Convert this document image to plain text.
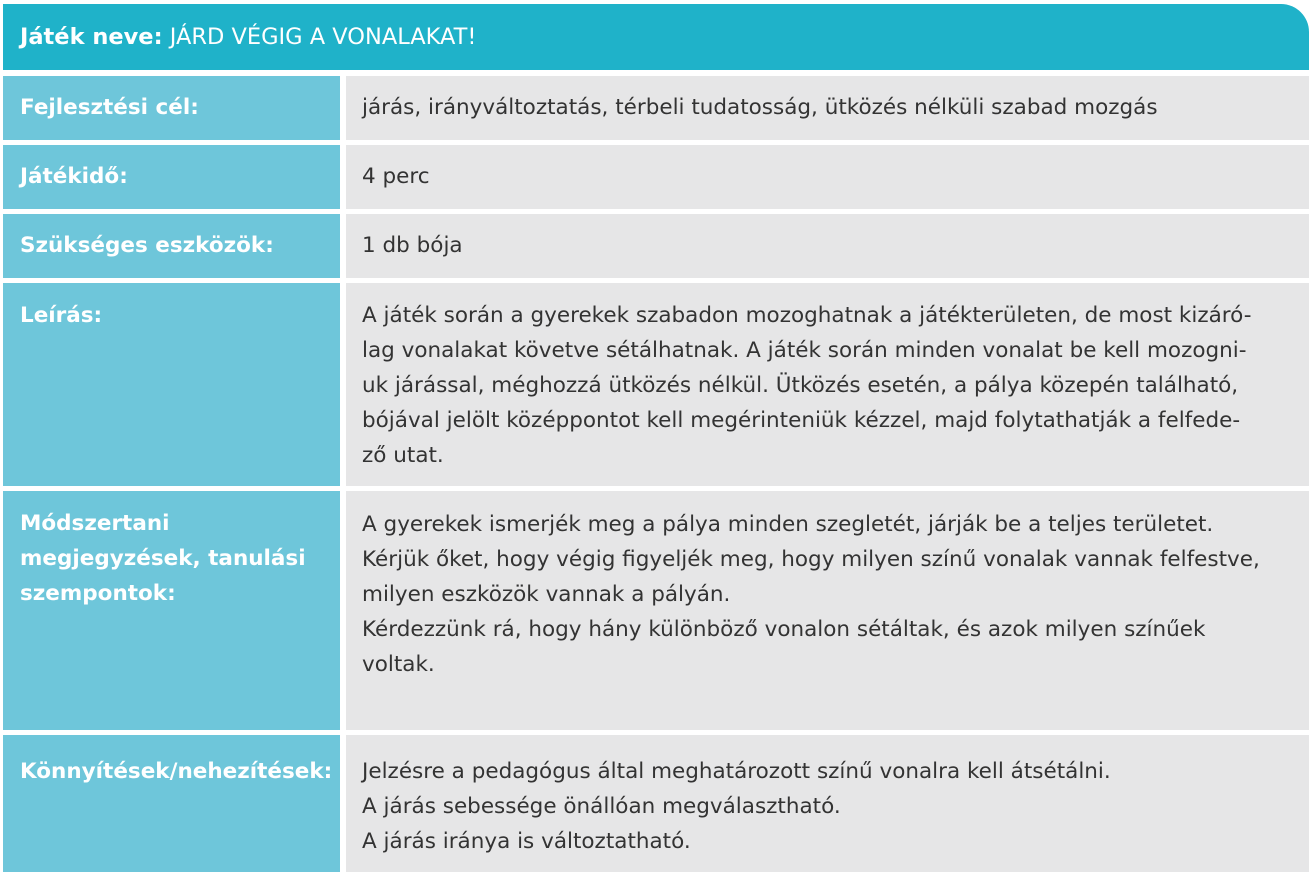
Játék neve: JÁRD VÉGIG A VONALAKAT!
Fejlesztési cél:	járás, irányváltoztatás, térbeli tudatosság, ütközés nélküli szabad mozgás

Játékidő:	4 perc

Szükséges eszközök:	1 db bója

Leírás:	A játék során a gyerekek szabadon mozoghatnak a játékterületen, de most kizáró-

lag vonalakat követve sétálhatnak. A játék során minden vonalat be kell mozogni-

uk járással, méghozzá ütközés nélkül. Ütközés esetén, a pálya közepén található,

bójával jelölt középpontot kell megérinteniük kézzel, majd folytathatják a felfede-

ző utat.

Módszertani
megjegyzések, tanulási
szempontok:

A gyerekek ismerjék meg a pálya minden szegletét, járják be a teljes területet.

Kérjük őket, hogy végig figyeljék meg, hogy milyen színű vonalak vannak felfestve,

milyen eszközök vannak a pályán.

Kérdezzünk rá, hogy hány különböző vonalon sétáltak, és azok milyen színűek

voltak.

Könnyítések/nehezítések:	Jelzésre a pedagógus által meghatározott színű vonalra kell átsétálni.

A járás sebessége önállóan megválasztható.

A járás iránya is változtatható.
